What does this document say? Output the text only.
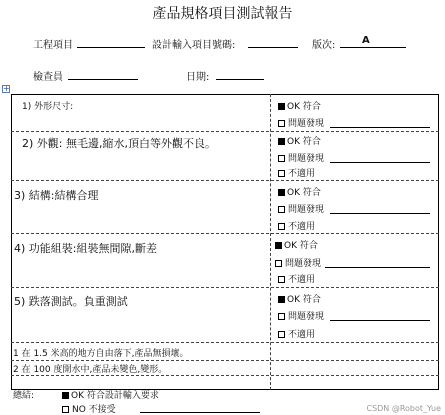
產品規格項目測試報告
工程項目	設計輸入項目號碼:	版次:	A
檢查員	日期:
+
1) 外形尺寸:	OK 符合
問題發現
2) 外觀: 無毛邊,縮水,頂白等外觀不良。	OK 符合
問題發現
不適用
3) 結構:結構合理	OK 符合
問題發現
不適用
4) 功能組裝:組裝無間隙,斷差	OK 符合
問題發現
不適用
5) 跌落測試。負重測試	OK 符合
問題發現
不適用
1 在 1.5 米高的地方自由落下,產品無損壞。
2 在 100 度開水中,產品未變色,變形。
總結:	OK 符合設計輸入要求
NO 不接受	CSDN @Robot_Yue
